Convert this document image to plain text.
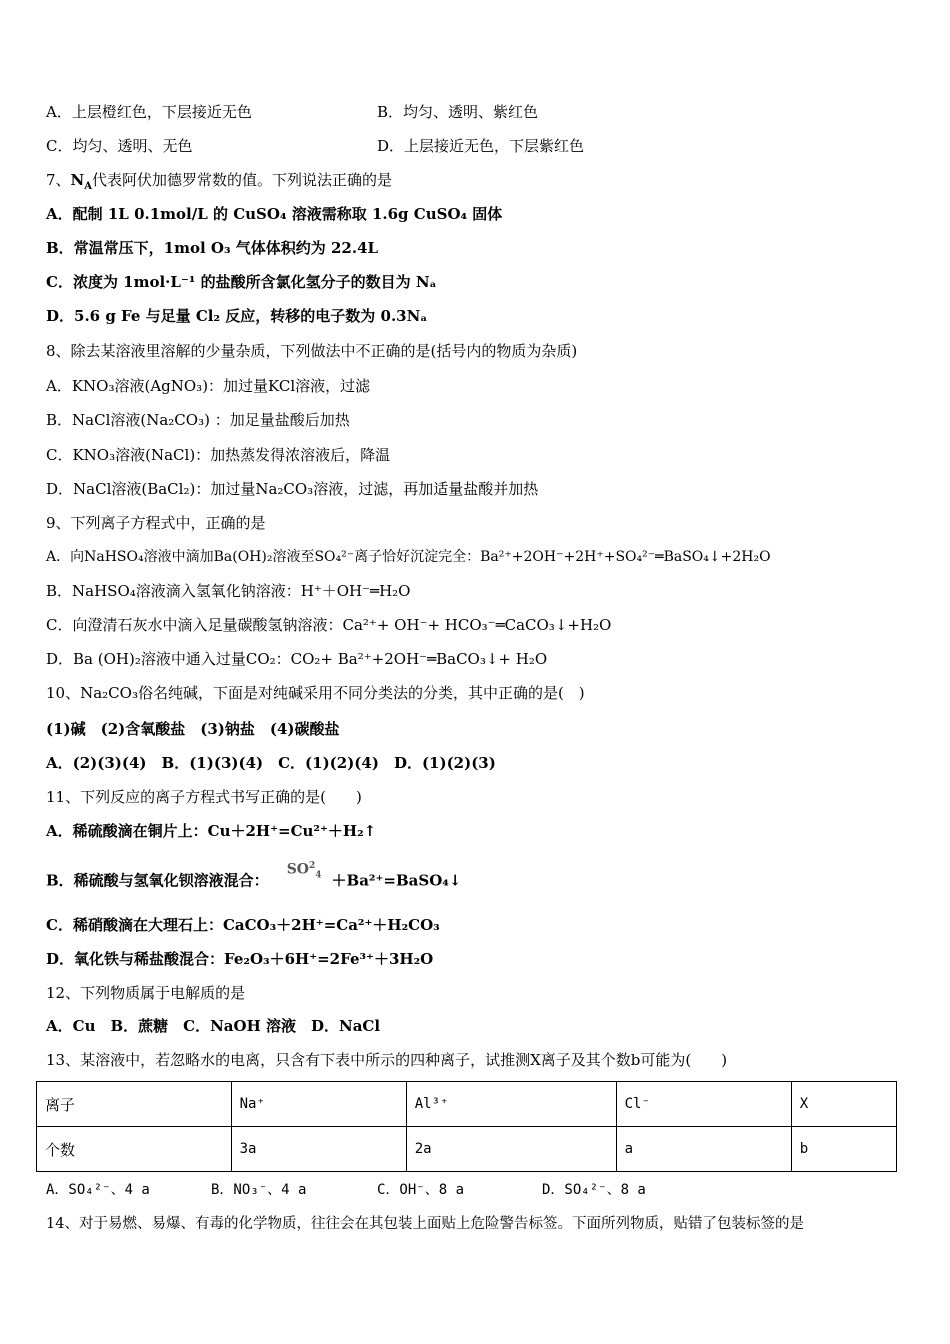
A．上层橙红色，下层接近无色	B．均匀、透明、紫红色
C．均匀、透明、无色	D．上层接近无色，下层紫红色
7、$N_A$代表阿伏加德罗常数的值。下列说法正确的是
A．配制 1L 0.1mol/L 的 CuSO₄ 溶液需称取 1.6g CuSO₄ 固体
B．常温常压下，1mol O₃ 气体体积约为 22.4L
C．浓度为 1mol·L⁻¹ 的盐酸所含氯化氢分子的数目为 Nₐ
D．5.6 g Fe 与足量 Cl₂ 反应，转移的电子数为 0.3Nₐ
8、除去某溶液里溶解的少量杂质，下列做法中不正确的是(括号内的物质为杂质)
A．KNO₃溶液(AgNO₃)：加过量KCl溶液，过滤
B．NaCl溶液(Na₂CO₃) ：加足量盐酸后加热
C．KNO₃溶液(NaCl)：加热蒸发得浓溶液后，降温
D．NaCl溶液(BaCl₂)：加过量Na₂CO₃溶液，过滤，再加适量盐酸并加热
9、下列离子方程式中，正确的是
A．向NaHSO₄溶液中滴加Ba(OH)₂溶液至SO₄²⁻离子恰好沉淀完全：Ba²⁺+2OH⁻+2H⁺+SO₄²⁻═BaSO₄↓+2H₂O
B．NaHSO₄溶液滴入氢氧化钠溶液：H⁺＋OH⁻═H₂O
C．向澄清石灰水中滴入足量碳酸氢钠溶液：Ca²⁺+ OH⁻+ HCO₃⁻═CaCO₃↓+H₂O
D．Ba (OH)₂溶液中通入过量CO₂：CO₂+ Ba²⁺+2OH⁻═BaCO₃↓+ H₂O
10、Na₂CO₃俗名纯碱，下面是对纯碱采用不同分类法的分类，其中正确的是(　)
(1)碱　(2)含氧酸盐　(3)钠盐　(4)碳酸盐
A．(2)(3)(4)　B．(1)(3)(4)　C．(1)(2)(4)　D．(1)(2)(3)
11、下列反应的离子方程式书写正确的是(　　)
A．稀硫酸滴在铜片上：Cu＋2H⁺=Cu²⁺＋H₂↑
B．稀硫酸与氢氧化钡溶液混合：$SO^2_4$ ＋Ba²⁺=BaSO₄↓
C．稀硝酸滴在大理石上：CaCO₃＋2H⁺=Ca²⁺＋H₂CO₃
D．氧化铁与稀盐酸混合：Fe₂O₃＋6H⁺=2Fe³⁺＋3H₂O
12、下列物质属于电解质的是
A．Cu　B．蔗糖　C．NaOH 溶液　D．NaCl
13、某溶液中，若忽略水的电离，只含有下表中所示的四种离子，试推测X离子及其个数b可能为(　　)
离子	Na⁺	Al³⁺	Cl⁻	X
个数	3a	2a	a	b
A．SO₄²⁻、4 a	B．NO₃⁻、4 a	C．OH⁻、8 a	D．SO₄²⁻、8 a
14、对于易燃、易爆、有毒的化学物质，往往会在其包装上面贴上危险警告标签。下面所列物质，贴错了包装标签的是
